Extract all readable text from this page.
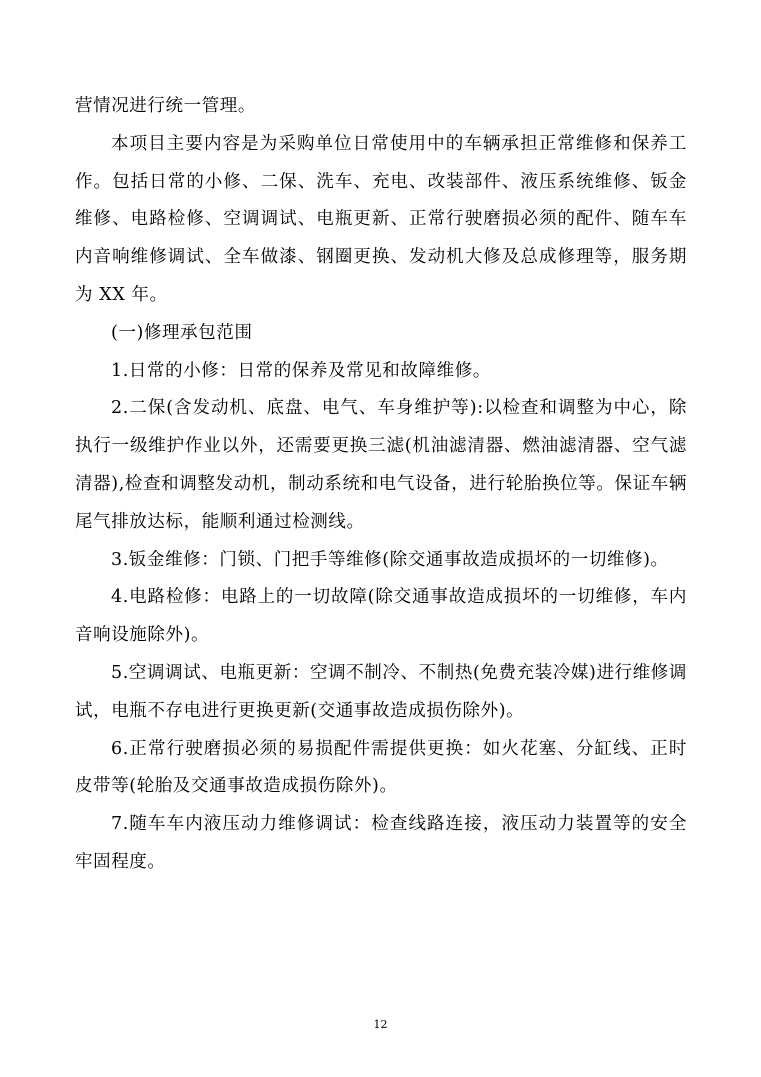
营情况进行统一管理。

本项目主要内容是为采购单位日常使用中的车辆承担正常维修和保养工作。包括日常的小修、二保、洗车、充电、改装部件、液压系统维修、钣金维修、电路检修、空调调试、电瓶更新、正常行驶磨损必须的配件、随车车内音响维修调试、全车做漆、钢圈更换、发动机大修及总成修理等，服务期为 XX 年。

(一)修理承包范围

1.日常的小修：日常的保养及常见和故障维修。

2.二保(含发动机、底盘、电气、车身维护等):以检查和调整为中心，除执行一级维护作业以外，还需要更换三滤(机油滤清器、燃油滤清器、空气滤清器),检查和调整发动机，制动系统和电气设备，进行轮胎换位等。保证车辆尾气排放达标，能顺利通过检测线。

3.钣金维修：门锁、门把手等维修(除交通事故造成损坏的一切维修)。

4.电路检修：电路上的一切故障(除交通事故造成损坏的一切维修，车内音响设施除外)。

5.空调调试、电瓶更新：空调不制冷、不制热(免费充装冷媒)进行维修调试，电瓶不存电进行更换更新(交通事故造成损伤除外)。

6.正常行驶磨损必须的易损配件需提供更换：如火花塞、分缸线、正时皮带等(轮胎及交通事故造成损伤除外)。

7.随车车内液压动力维修调试：检查线路连接，液压动力装置等的安全牢固程度。

12
